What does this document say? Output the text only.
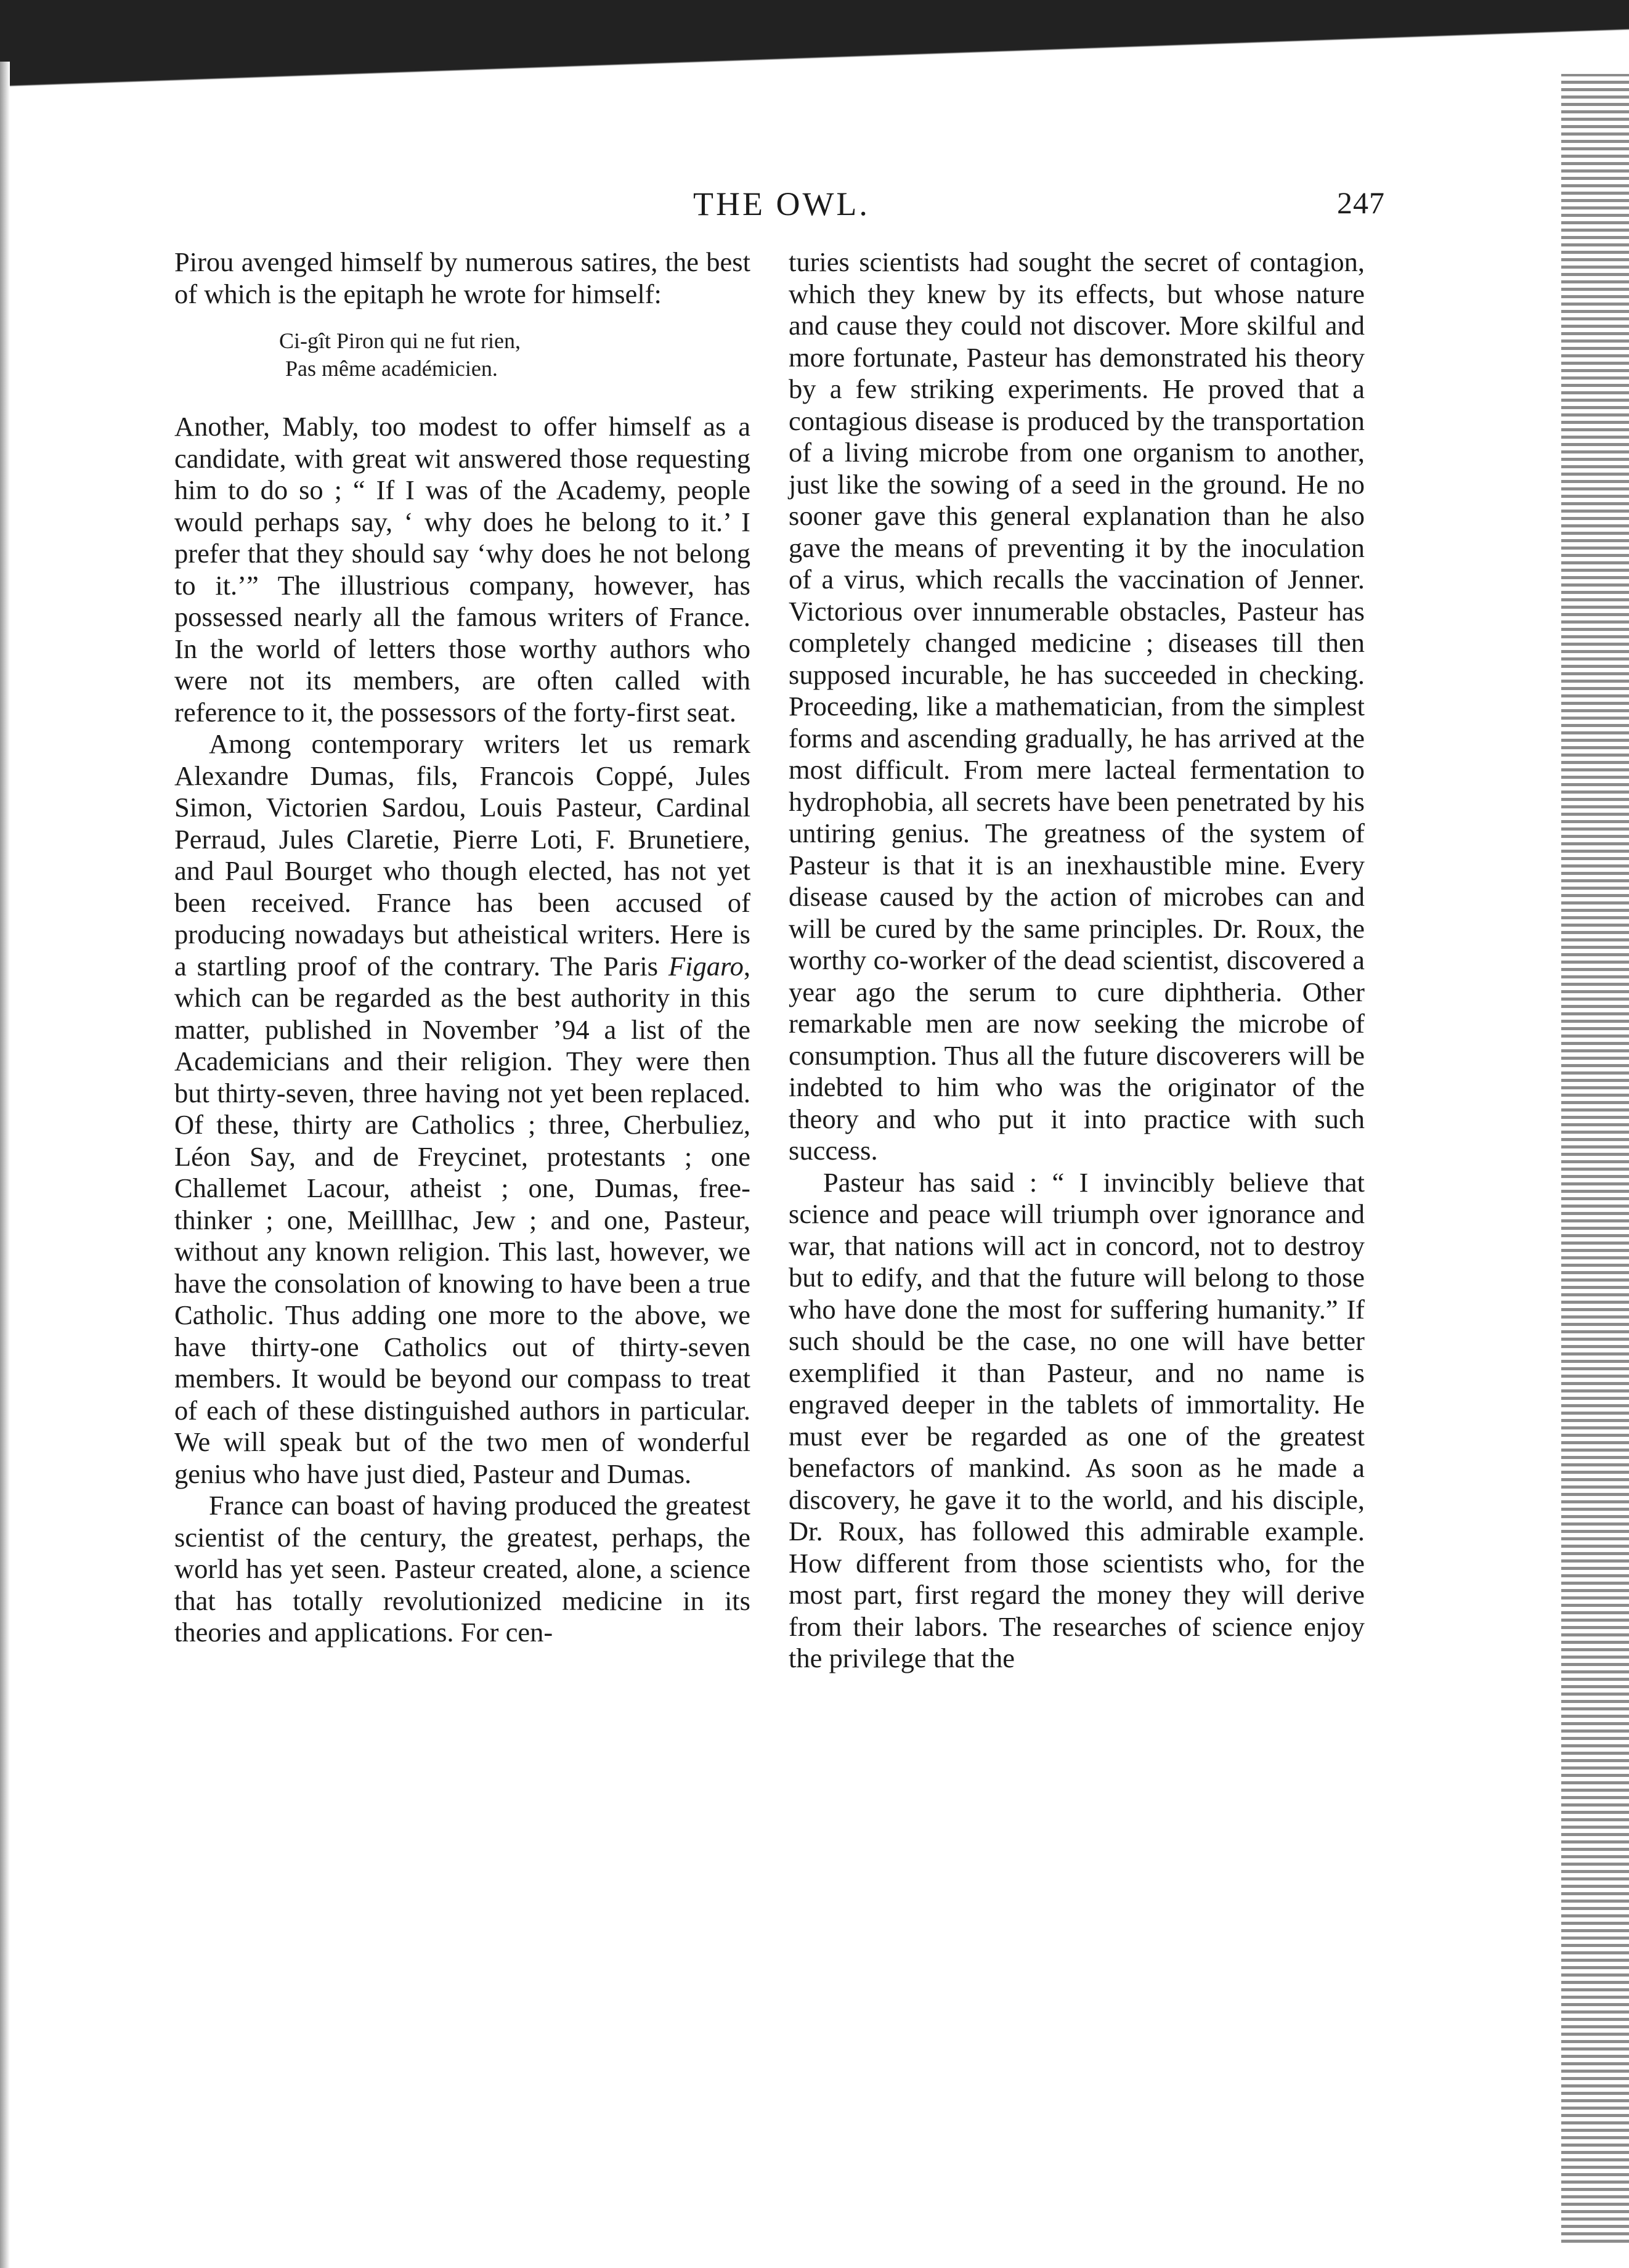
THE OWL.	247

Pirou avenged himself by numerous satires, the best of which is the epitaph he wrote for himself:

Ci-gît Piron qui ne fut rien,
Pas même académicien.

Another, Mably, too modest to offer himself as a candidate, with great wit answered those requesting him to do so ; “ If I was of the Academy, people would perhaps say, ‘ why does he belong to it.’ I prefer that they should say ‘why does he not belong to it.’” The illustrious company, however, has possessed nearly all the famous writers of France. In the world of letters those worthy authors who were not its members, are often called with reference to it, the possessors of the forty-first seat.

Among contemporary writers let us remark Alexandre Dumas, fils, Francois Coppé, Jules Simon, Victorien Sardou, Louis Pasteur, Cardinal Perraud, Jules Claretie, Pierre Loti, F. Brunetiere, and Paul Bourget who though elected, has not yet been received. France has been accused of producing nowadays but atheistical writers. Here is a startling proof of the contrary. The Paris Figaro, which can be regarded as the best authority in this matter, published in November ’94 a list of the Academicians and their religion. They were then but thirty-seven, three having not yet been replaced. Of these, thirty are Catholics ; three, Cherbuliez, Léon Say, and de Freycinet, protestants ; one Challemet Lacour, atheist ; one, Dumas, free-thinker ; one, Meilllhac, Jew ; and one, Pasteur, without any known religion. This last, however, we have the consolation of knowing to have been a true Catholic. Thus adding one more to the above, we have thirty-one Catholics out of thirty-seven members. It would be beyond our compass to treat of each of these distinguished authors in particular. We will speak but of the two men of wonderful genius who have just died, Pasteur and Dumas.

France can boast of having produced the greatest scientist of the century, the greatest, perhaps, the world has yet seen. Pasteur created, alone, a science that has totally revolutionized medicine in its theories and applications. For cen-

turies scientists had sought the secret of contagion, which they knew by its effects, but whose nature and cause they could not discover. More skilful and more fortunate, Pasteur has demonstrated his theory by a few striking experiments. He proved that a contagious disease is produced by the transportation of a living microbe from one organism to another, just like the sowing of a seed in the ground. He no sooner gave this general explanation than he also gave the means of preventing it by the inoculation of a virus, which recalls the vaccination of Jenner. Victorious over innumerable obstacles, Pasteur has completely changed medicine ; diseases till then supposed incurable, he has succeeded in checking. Proceeding, like a mathematician, from the simplest forms and ascending gradually, he has arrived at the most difficult. From mere lacteal fermentation to hydrophobia, all secrets have been penetrated by his untiring genius. The greatness of the system of Pasteur is that it is an inexhaustible mine. Every disease caused by the action of microbes can and will be cured by the same principles. Dr. Roux, the worthy co-worker of the dead scientist, discovered a year ago the serum to cure diphtheria. Other remarkable men are now seeking the microbe of consumption. Thus all the future discoverers will be indebted to him who was the originator of the theory and who put it into practice with such success.

Pasteur has said : “ I invincibly believe that science and peace will triumph over ignorance and war, that nations will act in concord, not to destroy but to edify, and that the future will belong to those who have done the most for suffering humanity.” If such should be the case, no one will have better exemplified it than Pasteur, and no name is engraved deeper in the tablets of immortality. He must ever be regarded as one of the greatest benefactors of mankind. As soon as he made a discovery, he gave it to the world, and his disciple, Dr. Roux, has followed this admirable example. How different from those scientists who, for the most part, first regard the money they will derive from their labors. The researches of science enjoy the privilege that the
